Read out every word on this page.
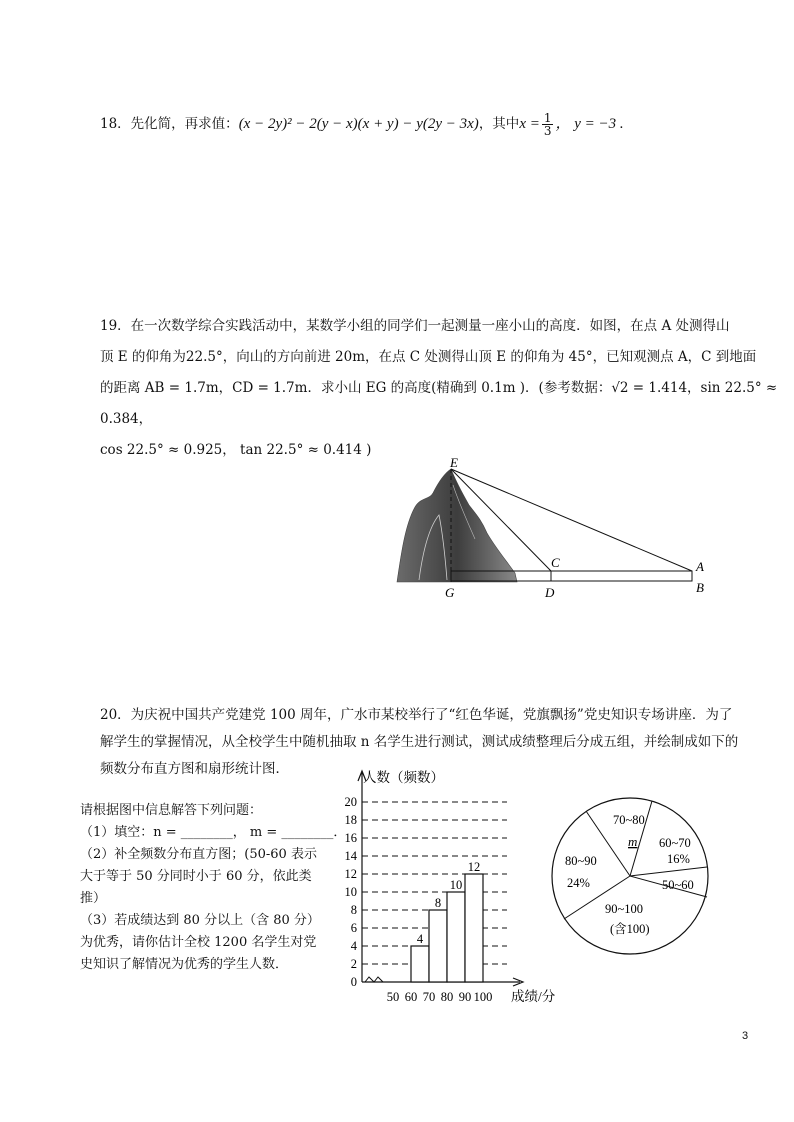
18．先化简，再求值：(x − 2y)² − 2(y − x)(x + y) − y(2y − 3x)，其中$x = \frac{1}{3}$ ， y = −3 .
19．在一次数学综合实践活动中，某数学小组的同学们一起测量一座小山的高度．如图，在点 A 处测得山
顶 E 的仰角为22.5°，向山的方向前进 20m，在点 C 处测得山顶 E 的仰角为 45°，已知观测点 A，C 到地面
的距离 AB = 1.7m，CD = 1.7m．求小山 EG 的高度(精确到 0.1m )．(参考数据：√2 = 1.414，sin 22.5° ≈ 0.384，
cos 22.5° ≈ 0.925， tan 22.5° ≈ 0.414 )
E
C	A
G	D	B
20．为庆祝中国共产党建党 100 周年，广水市某校举行了“红色华诞，党旗飘扬”党史知识专场讲座．为了
解学生的掌握情况，从全校学生中随机抽取 n 名学生进行测试，测试成绩整理后分成五组，并绘制成如下的
频数分布直方图和扇形统计图．
请根据图中信息解答下列问题：
（1）填空：n = ________， m = ________．
（2）补全频数分布直方图；(50-60 表示
大于等于 50 分同时小于 60 分，依此类
推）
（3）若成绩达到 80 分以上（含 80 分）
为优秀，请你估计全校 1200 名学生对党
史知识了解情况为优秀的学生人数．
0
2
4
6
8
10
12
14
16
18
20
人数（频数）
4
8
10
12
50 60 70 80 90 100 成绩/分
70~80
m 60~70
16%
50~60
90~100
(含100)
80~90
24%
3
